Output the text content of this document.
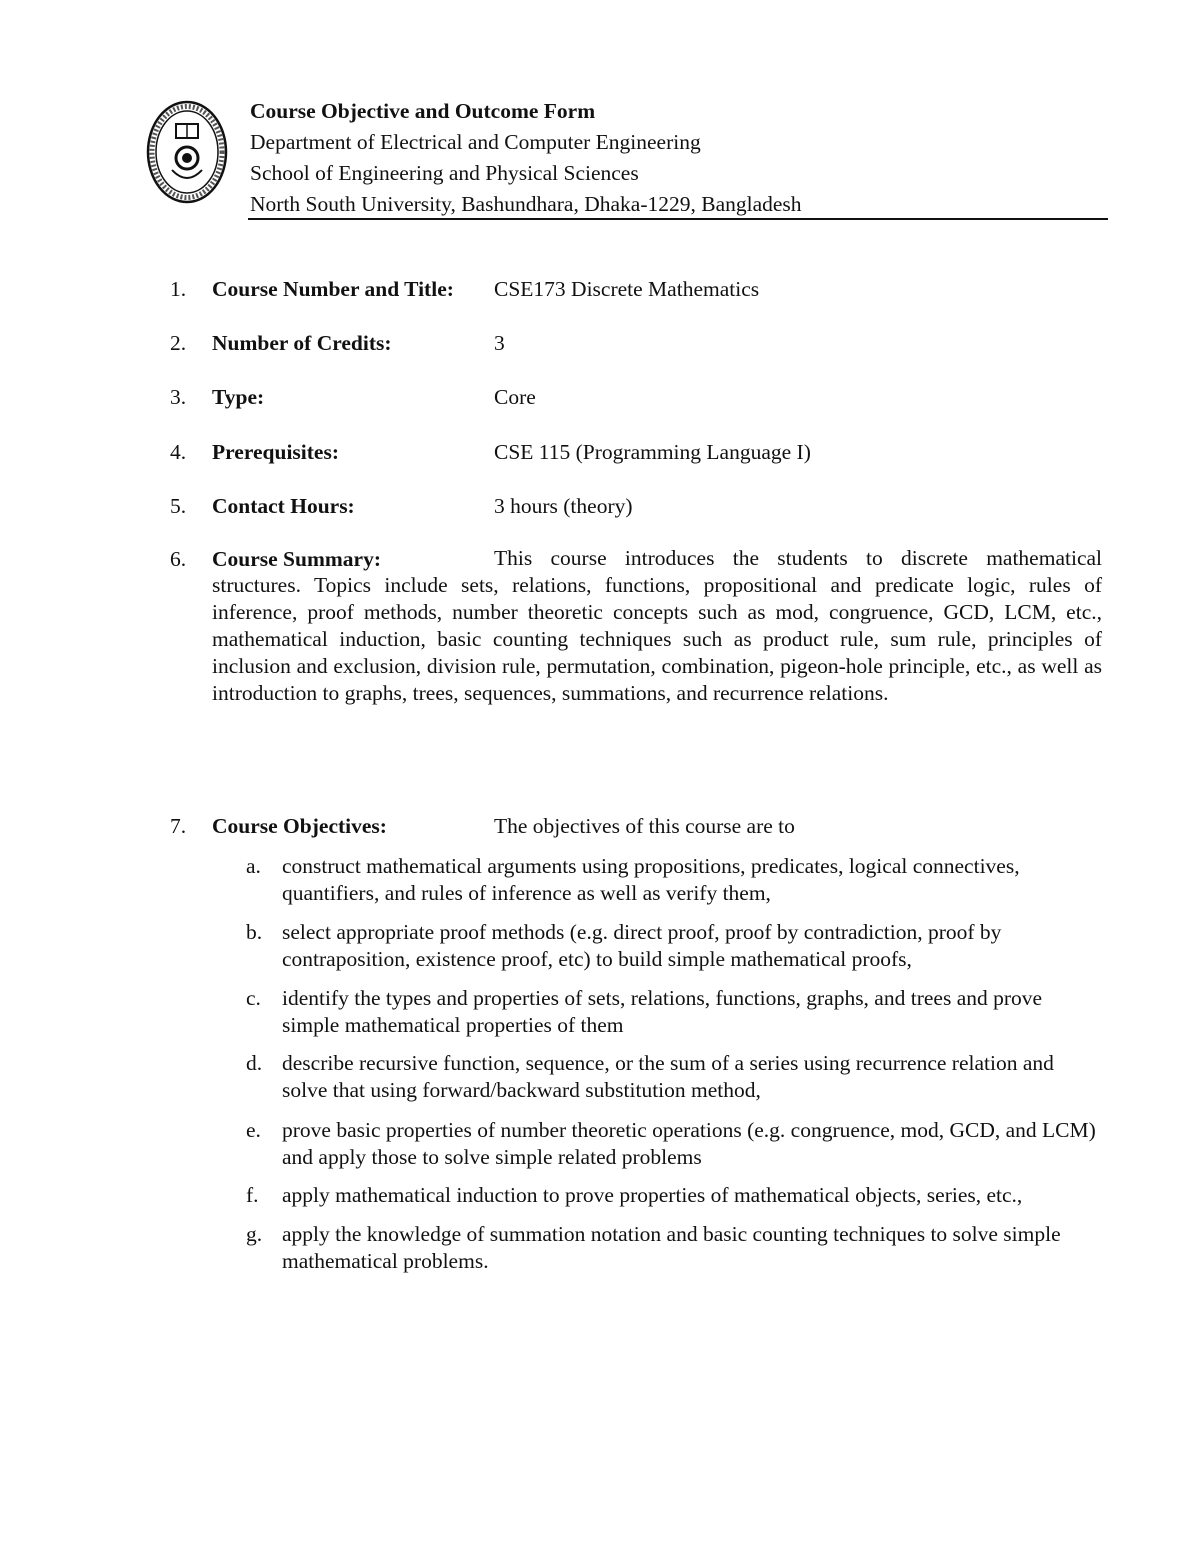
Course Objective and Outcome Form
Department of Electrical and Computer Engineering
School of Engineering and Physical Sciences
North South University, Bashundhara, Dhaka-1229, Bangladesh
1.	Course Number and Title: CSE173 Discrete Mathematics
2.	Number of Credits:	3
3.	Type:	Core
4.	Prerequisites:	CSE 115 (Programming Language I)
5.	Contact Hours:	3 hours (theory)
6.	Course Summary:	This course introduces the students to discrete mathematical structures. Topics include sets, relations, functions, propositional and predicate logic, rules of inference, proof methods, number theoretic concepts such as mod, congruence, GCD, LCM, etc., mathematical induction, basic counting techniques such as product rule, sum rule, principles of inclusion and exclusion, division rule, permutation, combination, pigeon-hole principle, etc., as well as introduction to graphs, trees, sequences, summations, and recurrence relations.
7.	Course Objectives:	The objectives of this course are to
a. construct mathematical arguments using propositions, predicates, logical connectives, quantifiers, and rules of inference as well as verify them,
b. select appropriate proof methods (e.g. direct proof, proof by contradiction, proof by contraposition, existence proof, etc) to build simple mathematical proofs,
c. identify the types and properties of sets, relations, functions, graphs, and trees and prove simple mathematical properties of them
d. describe recursive function, sequence, or the sum of a series using recurrence relation and solve that using forward/backward substitution method,
e. prove basic properties of number theoretic operations (e.g. congruence, mod, GCD, and LCM) and apply those to solve simple related problems
f.	apply mathematical induction to prove properties of mathematical objects, series, etc.,
g. apply the knowledge of summation notation and basic counting techniques to solve simple mathematical problems.
